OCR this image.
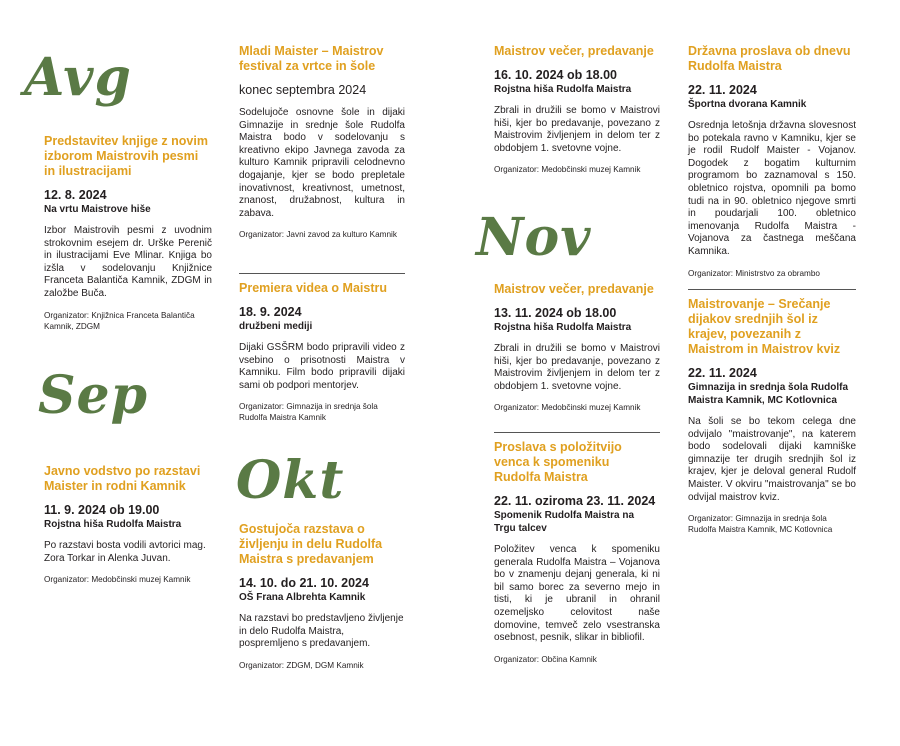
Avg
Sep
Okt
Nov
Predstavitev knjige z novim izborom Maistrovih pesmi in ilustracijami
12. 8. 2024
Na vrtu Maistrove hiše
Izbor Maistrovih pesmi z uvodnim strokovnim esejem dr. Urške Perenič in ilustracijami Eve Mlinar. Knjiga bo izšla v sodelovanju Knjižnice Franceta Balantiča Kamnik, ZDGM in založbe Buča.
Organizator: Knjižnica Franceta Balantiča Kamnik, ZDGM
Javno vodstvo po razstavi Maister in rodni Kamnik
11. 9. 2024 ob 19.00
Rojstna hiša Rudolfa Maistra
Po razstavi bosta vodili avtorici mag. Zora Torkar in Alenka Juvan.
Organizator: Medobčinski muzej Kamnik
Mladi Maister – Maistrov festival za vrtce in šole
konec septembra 2024
Sodelujoče osnovne šole in dijaki Gimnazije in srednje šole Rudolfa Maistra bodo v sodelovanju s kreativno ekipo Javnega zavoda za kulturo Kamnik pripravili celodnevno dogajanje, kjer se bodo prepletale inovativnost, kreativnost, umetnost, znanost, družabnost, kultura in zabava.
Organizator: Javni zavod za kulturo Kamnik
Premiera videa o Maistru
18. 9. 2024
družbeni mediji
Dijaki GSŠRM bodo pripravili video z vsebino o prisotnosti Maistra v Kamniku. Film bodo pripravili dijaki sami ob podpori mentorjev.
Organizator: Gimnazija in srednja šola Rudolfa Maistra Kamnik
Gostujoča razstava o življenju in delu Rudolfa Maistra s predavanjem
14. 10. do 21. 10. 2024
OŠ Frana Albrehta Kamnik
Na razstavi bo predstavljeno življenje in delo Rudolfa Maistra, pospremljeno s predavanjem.
Organizator: ZDGM, DGM Kamnik
Maistrov večer, predavanje
16. 10. 2024 ob 18.00
Rojstna hiša Rudolfa Maistra
Zbrali in družili se bomo v Maistrovi hiši, kjer bo predavanje, povezano z Maistrovim življenjem in delom ter z obdobjem 1. svetovne vojne.
Organizator: Medobčinski muzej Kamnik
Maistrov večer, predavanje
13. 11. 2024 ob 18.00
Rojstna hiša Rudolfa Maistra
Zbrali in družili se bomo v Maistrovi hiši, kjer bo predavanje, povezano z Maistrovim življenjem in delom ter z obdobjem 1. svetovne vojne.
Organizator: Medobčinski muzej Kamnik
Proslava s položitvijo venca k spomeniku Rudolfa Maistra
22. 11. oziroma 23. 11. 2024
Spomenik Rudolfa Maistra na Trgu talcev
Položitev venca k spomeniku generala Rudolfa Maistra – Vojanova bo v znamenju dejanj generala, ki ni bil samo borec za severno mejo in tisti, ki je ubranil in ohranil ozemeljsko celovitost naše domovine, temveč zelo vsestranska osebnost, pesnik, slikar in bibliofil.
Organizator: Občina Kamnik
Državna proslava ob dnevu Rudolfa Maistra
22. 11. 2024
Športna dvorana Kamnik
Osrednja letošnja državna slovesnost bo potekala ravno v Kamniku, kjer se je rodil Rudolf Maister - Vojanov. Dogodek z bogatim kulturnim programom bo zaznamoval s 150. obletnico rojstva, opomnili pa bomo tudi na in 90. obletnico njegove smrti in poudarjali 100. obletnico imenovanja Rudolfa Maistra - Vojanova za častnega meščana Kamnika.
Organizator: Ministrstvo za obrambo
Maistrovanje – Srečanje dijakov srednjih šol iz krajev, povezanih z Maistrom in Maistrov kviz
22. 11. 2024
Gimnazija in srednja šola Rudolfa Maistra Kamnik, MC Kotlovnica
Na šoli se bo tekom celega dne odvijalo "maistrovanje", na katerem bodo sodelovali dijaki kamniške gimnazije ter drugih srednjih šol iz krajev, kjer je deloval general Rudolf Maister. V okviru "maistrovanja" se bo odvijal maistrov kviz.
Organizator: Gimnazija in srednja šola Rudolfa Maistra Kamnik, MC Kotlovnica
